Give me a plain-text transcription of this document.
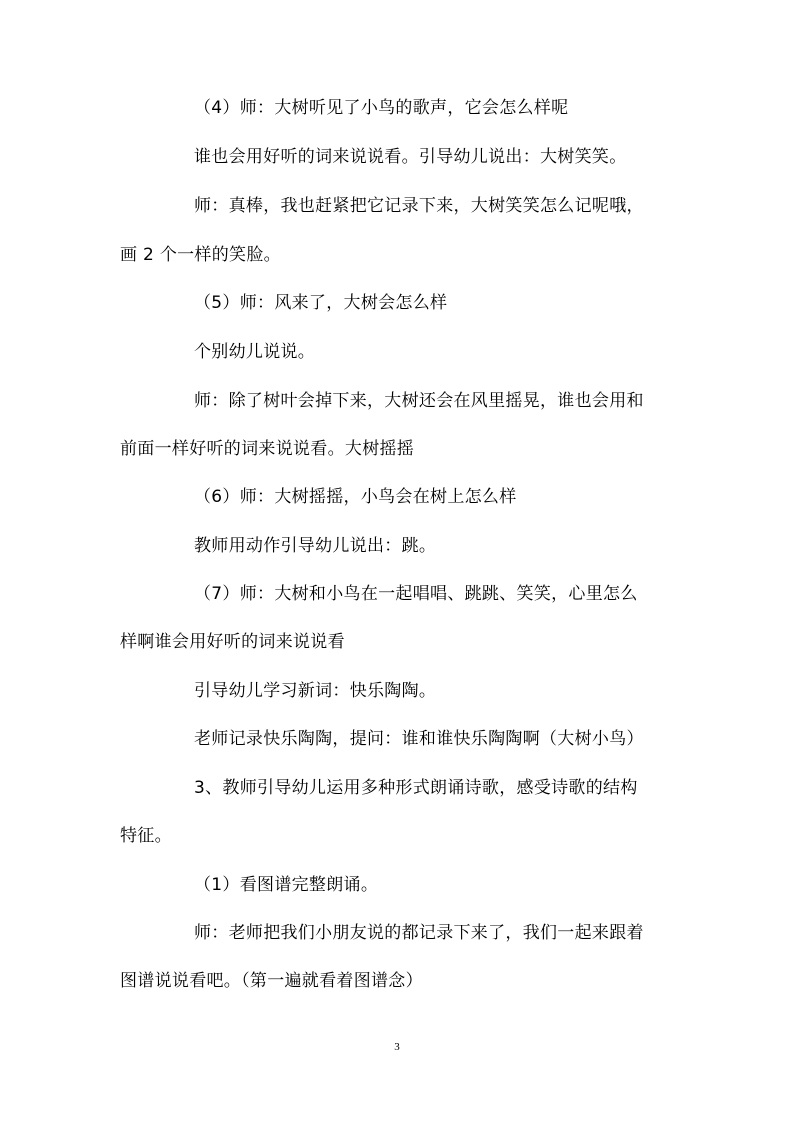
（4）师：大树听见了小鸟的歌声，它会怎么样呢
谁也会用好听的词来说说看。引导幼儿说出：大树笑笑。
师：真棒，我也赶紧把它记录下来，大树笑笑怎么记呢哦，
画 2 个一样的笑脸。
（5）师：风来了，大树会怎么样
个别幼儿说说。
师：除了树叶会掉下来，大树还会在风里摇晃，谁也会用和
前面一样好听的词来说说看。大树摇摇
（6）师：大树摇摇，小鸟会在树上怎么样
教师用动作引导幼儿说出：跳。
（7）师：大树和小鸟在一起唱唱、跳跳、笑笑，心里怎么
样啊谁会用好听的词来说说看
引导幼儿学习新词：快乐陶陶。
老师记录快乐陶陶，提问：谁和谁快乐陶陶啊（大树小鸟）
3、教师引导幼儿运用多种形式朗诵诗歌，感受诗歌的结构
特征。
（1）看图谱完整朗诵。
师：老师把我们小朋友说的都记录下来了，我们一起来跟着
图谱说说看吧。（第一遍就看着图谱念）
3
